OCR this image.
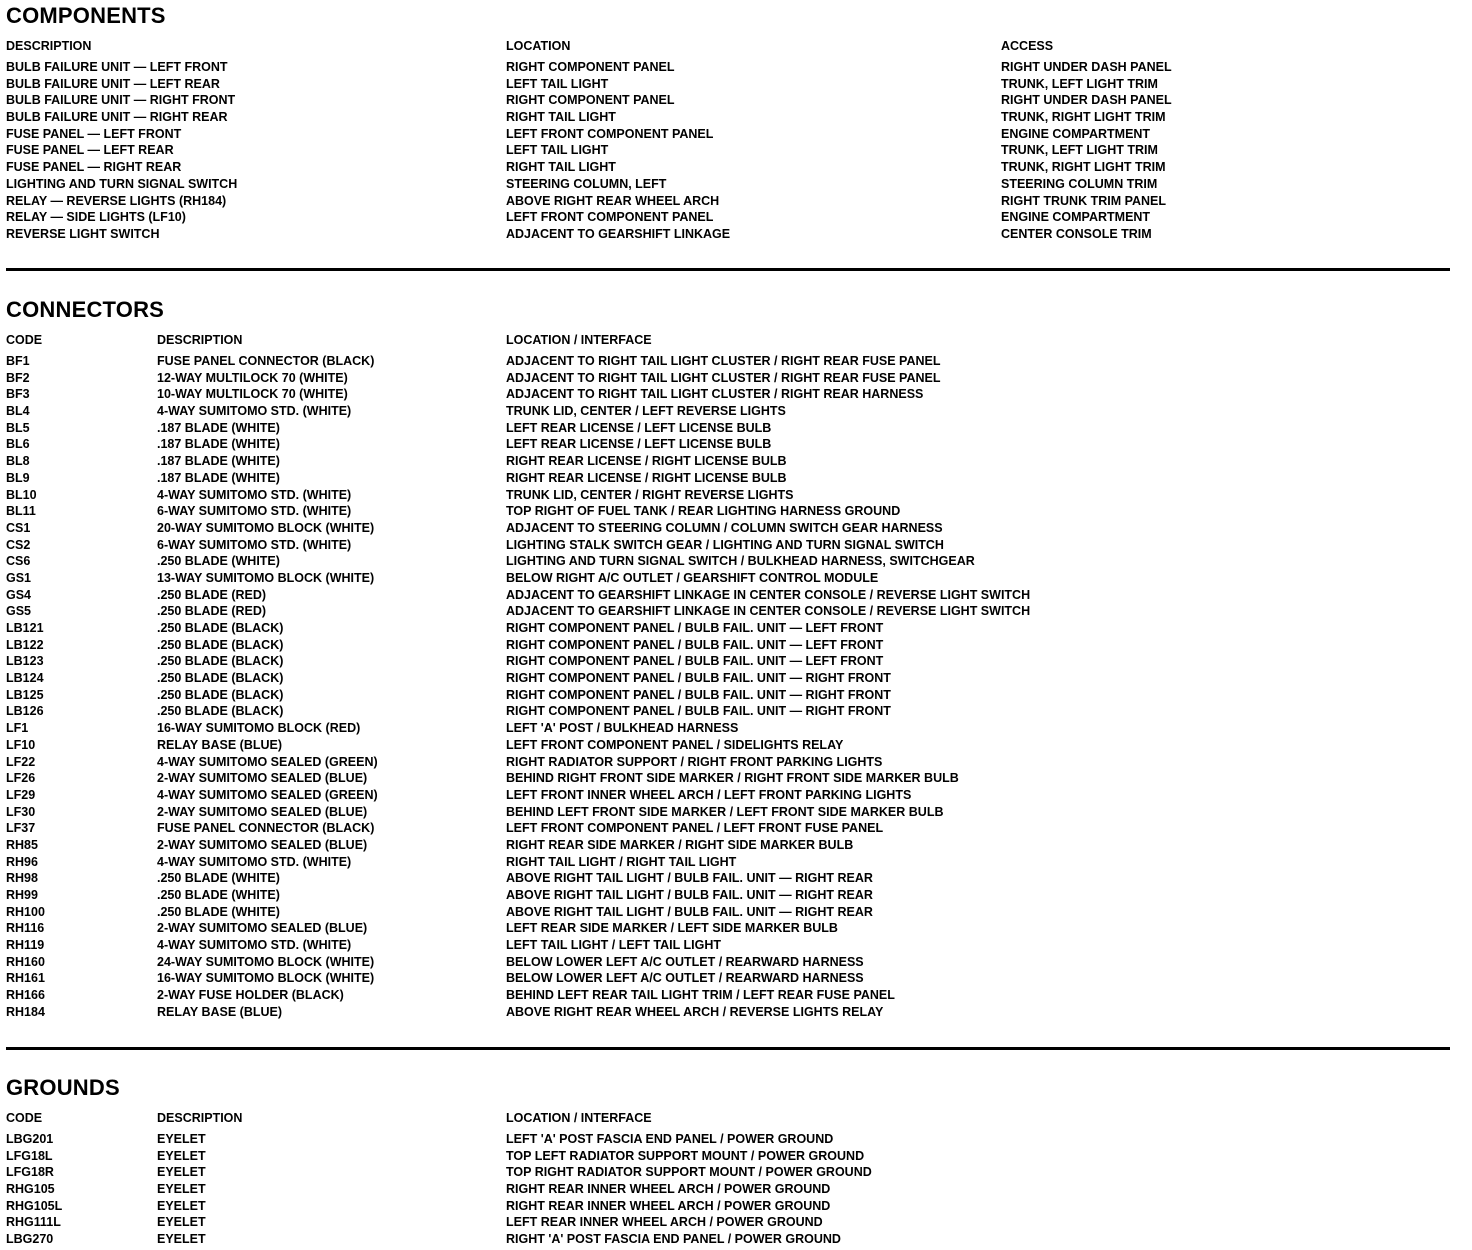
COMPONENTS
DESCRIPTION	LOCATION	ACCESS
BULB FAILURE UNIT — LEFT FRONT	RIGHT COMPONENT PANEL	RIGHT UNDER DASH PANEL
BULB FAILURE UNIT — LEFT REAR	LEFT TAIL LIGHT	TRUNK, LEFT LIGHT TRIM
BULB FAILURE UNIT — RIGHT FRONT	RIGHT COMPONENT PANEL	RIGHT UNDER DASH PANEL
BULB FAILURE UNIT — RIGHT REAR	RIGHT TAIL LIGHT	TRUNK, RIGHT LIGHT TRIM
FUSE PANEL — LEFT FRONT	LEFT FRONT COMPONENT PANEL	ENGINE COMPARTMENT
FUSE PANEL — LEFT REAR	LEFT TAIL LIGHT	TRUNK, LEFT LIGHT TRIM
FUSE PANEL — RIGHT REAR	RIGHT TAIL LIGHT	TRUNK, RIGHT LIGHT TRIM
LIGHTING AND TURN SIGNAL SWITCH	STEERING COLUMN, LEFT	STEERING COLUMN TRIM
RELAY — REVERSE LIGHTS (RH184)	ABOVE RIGHT REAR WHEEL ARCH	RIGHT TRUNK TRIM PANEL
RELAY — SIDE LIGHTS (LF10)	LEFT FRONT COMPONENT PANEL	ENGINE COMPARTMENT
REVERSE LIGHT SWITCH	ADJACENT TO GEARSHIFT LINKAGE	CENTER CONSOLE TRIM
CONNECTORS
CODE	DESCRIPTION	LOCATION / INTERFACE
BF1	FUSE PANEL CONNECTOR (BLACK)	ADJACENT TO RIGHT TAIL LIGHT CLUSTER / RIGHT REAR FUSE PANEL
BF2	12-WAY MULTILOCK 70 (WHITE)	ADJACENT TO RIGHT TAIL LIGHT CLUSTER / RIGHT REAR FUSE PANEL
BF3	10-WAY MULTILOCK 70 (WHITE)	ADJACENT TO RIGHT TAIL LIGHT CLUSTER / RIGHT REAR HARNESS
BL4	4-WAY SUMITOMO STD. (WHITE)	TRUNK LID, CENTER / LEFT REVERSE LIGHTS
BL5	.187 BLADE (WHITE)	LEFT REAR LICENSE / LEFT LICENSE BULB
BL6	.187 BLADE (WHITE)	LEFT REAR LICENSE / LEFT LICENSE BULB
BL8	.187 BLADE (WHITE)	RIGHT REAR LICENSE / RIGHT LICENSE BULB
BL9	.187 BLADE (WHITE)	RIGHT REAR LICENSE / RIGHT LICENSE BULB
BL10	4-WAY SUMITOMO STD. (WHITE)	TRUNK LID, CENTER / RIGHT REVERSE LIGHTS
BL11	6-WAY SUMITOMO STD. (WHITE)	TOP RIGHT OF FUEL TANK / REAR LIGHTING HARNESS GROUND
CS1	20-WAY SUMITOMO BLOCK (WHITE)	ADJACENT TO STEERING COLUMN / COLUMN SWITCH GEAR HARNESS
CS2	6-WAY SUMITOMO STD. (WHITE)	LIGHTING STALK SWITCH GEAR / LIGHTING AND TURN SIGNAL SWITCH
CS6	.250 BLADE (WHITE)	LIGHTING AND TURN SIGNAL SWITCH / BULKHEAD HARNESS, SWITCHGEAR
GS1	13-WAY SUMITOMO BLOCK (WHITE)	BELOW RIGHT A/C OUTLET / GEARSHIFT CONTROL MODULE
GS4	.250 BLADE (RED)	ADJACENT TO GEARSHIFT LINKAGE IN CENTER CONSOLE / REVERSE LIGHT SWITCH
GS5	.250 BLADE (RED)	ADJACENT TO GEARSHIFT LINKAGE IN CENTER CONSOLE / REVERSE LIGHT SWITCH
LB121	.250 BLADE (BLACK)	RIGHT COMPONENT PANEL / BULB FAIL. UNIT — LEFT FRONT
LB122	.250 BLADE (BLACK)	RIGHT COMPONENT PANEL / BULB FAIL. UNIT — LEFT FRONT
LB123	.250 BLADE (BLACK)	RIGHT COMPONENT PANEL / BULB FAIL. UNIT — LEFT FRONT
LB124	.250 BLADE (BLACK)	RIGHT COMPONENT PANEL / BULB FAIL. UNIT — RIGHT FRONT
LB125	.250 BLADE (BLACK)	RIGHT COMPONENT PANEL / BULB FAIL. UNIT — RIGHT FRONT
LB126	.250 BLADE (BLACK)	RIGHT COMPONENT PANEL / BULB FAIL. UNIT — RIGHT FRONT
LF1	16-WAY SUMITOMO BLOCK (RED)	LEFT 'A' POST / BULKHEAD HARNESS
LF10	RELAY BASE (BLUE)	LEFT FRONT COMPONENT PANEL / SIDELIGHTS RELAY
LF22	4-WAY SUMITOMO SEALED (GREEN)	RIGHT RADIATOR SUPPORT / RIGHT FRONT PARKING LIGHTS
LF26	2-WAY SUMITOMO SEALED (BLUE)	BEHIND RIGHT FRONT SIDE MARKER / RIGHT FRONT SIDE MARKER BULB
LF29	4-WAY SUMITOMO SEALED (GREEN)	LEFT FRONT INNER WHEEL ARCH / LEFT FRONT PARKING LIGHTS
LF30	2-WAY SUMITOMO SEALED (BLUE)	BEHIND LEFT FRONT SIDE MARKER / LEFT FRONT SIDE MARKER BULB
LF37	FUSE PANEL CONNECTOR (BLACK)	LEFT FRONT COMPONENT PANEL / LEFT FRONT FUSE PANEL
RH85	2-WAY SUMITOMO SEALED (BLUE)	RIGHT REAR SIDE MARKER / RIGHT SIDE MARKER BULB
RH96	4-WAY SUMITOMO STD. (WHITE)	RIGHT TAIL LIGHT / RIGHT TAIL LIGHT
RH98	.250 BLADE (WHITE)	ABOVE RIGHT TAIL LIGHT / BULB FAIL. UNIT — RIGHT REAR
RH99	.250 BLADE (WHITE)	ABOVE RIGHT TAIL LIGHT / BULB FAIL. UNIT — RIGHT REAR
RH100	.250 BLADE (WHITE)	ABOVE RIGHT TAIL LIGHT / BULB FAIL. UNIT — RIGHT REAR
RH116	2-WAY SUMITOMO SEALED (BLUE)	LEFT REAR SIDE MARKER / LEFT SIDE MARKER BULB
RH119	4-WAY SUMITOMO STD. (WHITE)	LEFT TAIL LIGHT / LEFT TAIL LIGHT
RH160	24-WAY SUMITOMO BLOCK (WHITE)	BELOW LOWER LEFT A/C OUTLET / REARWARD HARNESS
RH161	16-WAY SUMITOMO BLOCK (WHITE)	BELOW LOWER LEFT A/C OUTLET / REARWARD HARNESS
RH166	2-WAY FUSE HOLDER (BLACK)	BEHIND LEFT REAR TAIL LIGHT TRIM / LEFT REAR FUSE PANEL
RH184	RELAY BASE (BLUE)	ABOVE RIGHT REAR WHEEL ARCH / REVERSE LIGHTS RELAY
GROUNDS
CODE	DESCRIPTION	LOCATION / INTERFACE
LBG201	EYELET	LEFT 'A' POST FASCIA END PANEL / POWER GROUND
LFG18L	EYELET	TOP LEFT RADIATOR SUPPORT MOUNT / POWER GROUND
LFG18R	EYELET	TOP RIGHT RADIATOR SUPPORT MOUNT / POWER GROUND
RHG105	EYELET	RIGHT REAR INNER WHEEL ARCH / POWER GROUND
RHG105L	EYELET	RIGHT REAR INNER WHEEL ARCH / POWER GROUND
RHG111L	EYELET	LEFT REAR INNER WHEEL ARCH / POWER GROUND
LBG270	EYELET	RIGHT 'A' POST FASCIA END PANEL / POWER GROUND
